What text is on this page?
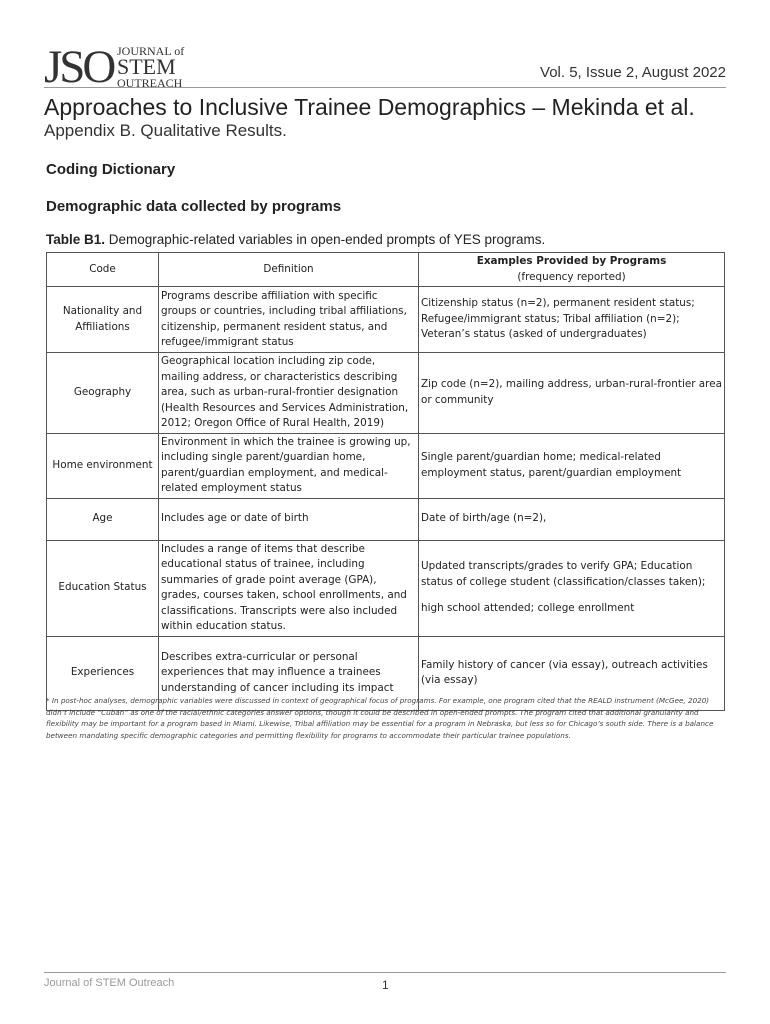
JSO JOURNAL of
STEM
OUTREACH
Vol. 5, Issue 2, August 2022
Approaches to Inclusive Trainee Demographics – Mekinda et al.
Appendix B. Qualitative Results.
Coding Dictionary
Demographic data collected by programs
Table B1. Demographic-related variables in open-ended prompts of YES programs.
Code	Definition	Examples Provided by Programs
(frequency reported)

Nationality and Affiliations	Programs describe affiliation with specific groups or countries, including tribal affiliations, citizenship, permanent resident status, and refugee/immigrant status	Citizenship status (n=2), permanent resident status; Refugee/immigrant status; Tribal affiliation (n=2); Veteran’s status (asked of undergraduates)
Geography	Geographical location including zip code, mailing address, or characteristics describing area, such as urban-rural-frontier designation (Health Resources and Services Administration, 2012; Oregon Office of Rural Health, 2019)	Zip code (n=2), mailing address, urban-rural-frontier area or community
Home environment	Environment in which the trainee is growing up, including single parent/guardian home, parent/guardian employment, and medical-related employment status	Single parent/guardian home; medical-related employment status, parent/guardian employment
Age	Includes age or date of birth	Date of birth/age (n=2),
Education Status	Includes a range of items that describe educational status of trainee, including summaries of grade point average (GPA), grades, courses taken, school enrollments, and classifications. Transcripts were also included within education status.	Updated transcripts/grades to verify GPA; Education status of college student (classification/classes taken);
high school attended; college enrollment

Experiences	Describes extra-curricular or personal experiences that may influence a trainees understanding of cancer including its impact	Family history of cancer (via essay), outreach activities (via essay)
* In post-hoc analyses, demographic variables were discussed in context of geographical focus of programs. For example, one program cited that the REALD instrument (McGee, 2020) didn’t include “Cuban” as one of the racial/ethnic categories answer options, though it could be described in open-ended prompts. The program cited that additional granularity and flexibility may be important for a program based in Miami. Likewise, Tribal affiliation may be essential for a program in Nebraska, but less so for Chicago’s south side. There is a balance between mandating specific demographic categories and permitting flexibility for programs to accommodate their particular trainee populations.
Journal of STEM Outreach	1
